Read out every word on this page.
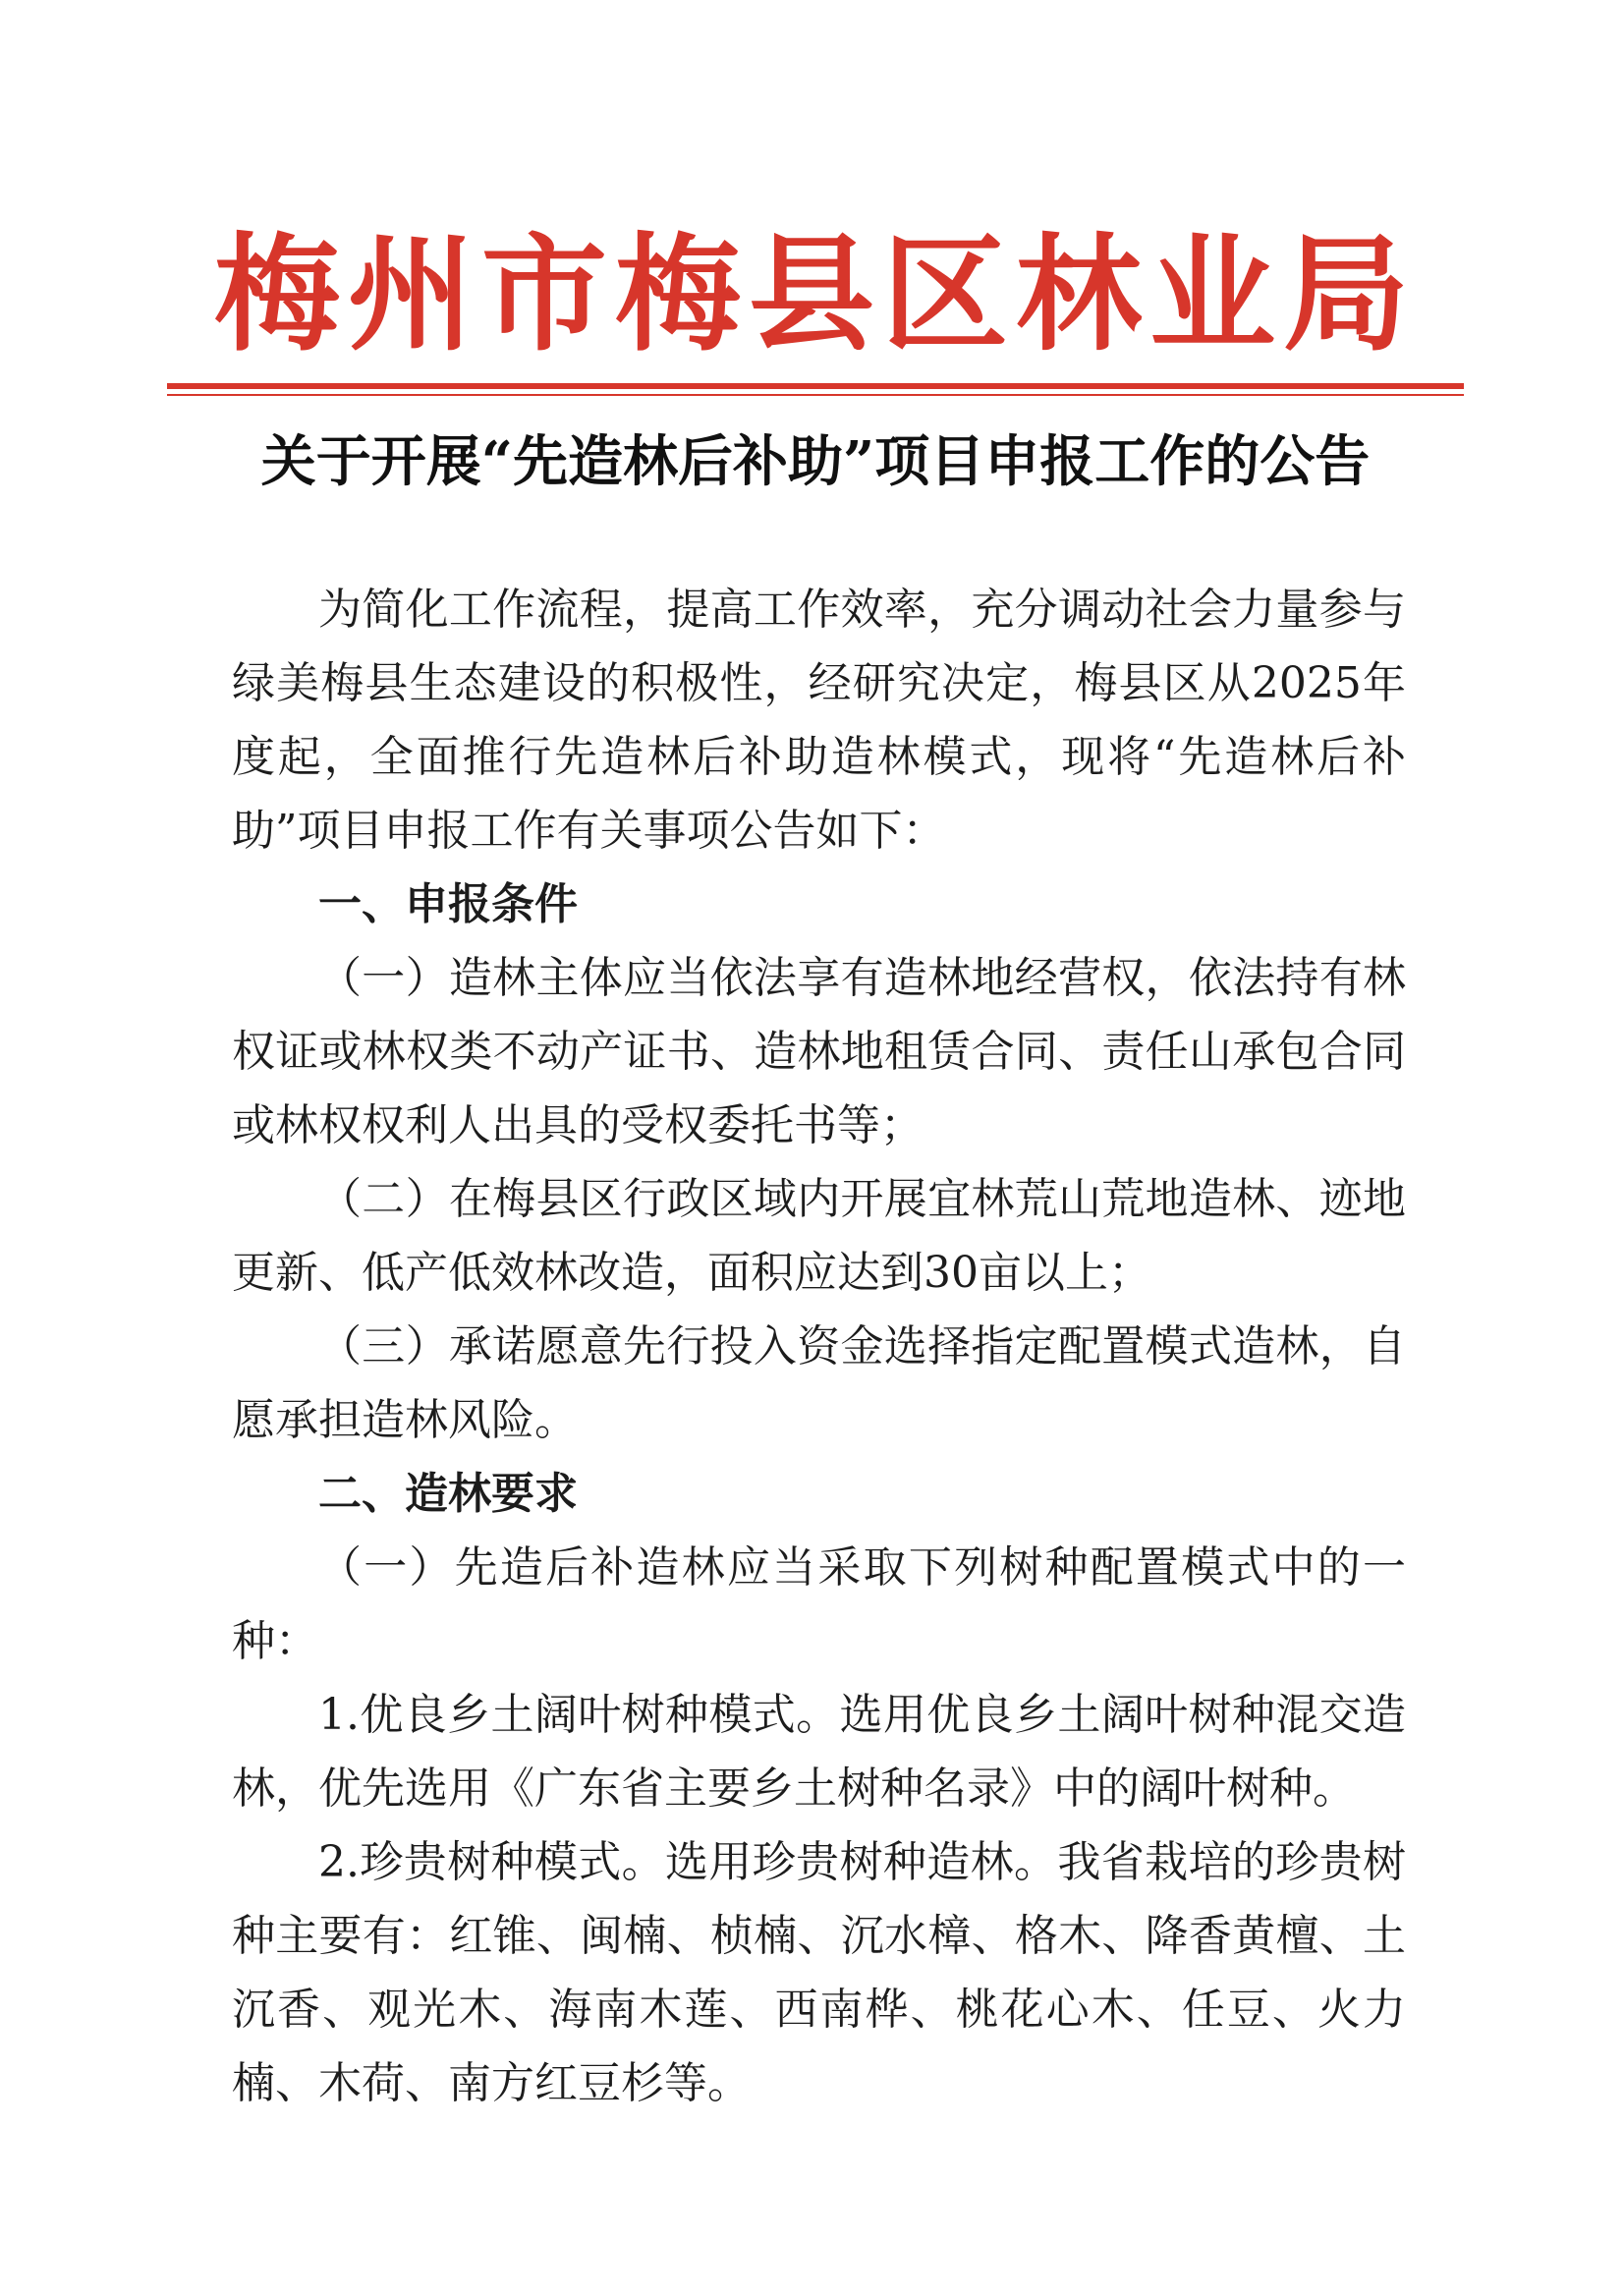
梅州市梅县区林业局
关于开展“先造林后补助”项目申报工作的公告

为简化工作流程，提高工作效率，充分调动社会力量参与绿美梅县生态建设的积极性，经研究决定，梅县区从2025年度起，全面推行先造林后补助造林模式，现将“先造林后补助”项目申报工作有关事项公告如下：

一、申报条件

（一）造林主体应当依法享有造林地经营权，依法持有林权证或林权类不动产证书、造林地租赁合同、责任山承包合同或林权权利人出具的受权委托书等；

（二）在梅县区行政区域内开展宜林荒山荒地造林、迹地更新、低产低效林改造，面积应达到30亩以上；

（三）承诺愿意先行投入资金选择指定配置模式造林，自愿承担造林风险。

二、造林要求

（一）先造后补造林应当采取下列树种配置模式中的一种：

1.优良乡土阔叶树种模式。选用优良乡土阔叶树种混交造林，优先选用《广东省主要乡土树种名录》中的阔叶树种。

2.珍贵树种模式。选用珍贵树种造林。我省栽培的珍贵树种主要有：红锥、闽楠、桢楠、沉水樟、格木、降香黄檀、土沉香、观光木、海南木莲、西南桦、桃花心木、任豆、火力楠、木荷、南方红豆杉等。
